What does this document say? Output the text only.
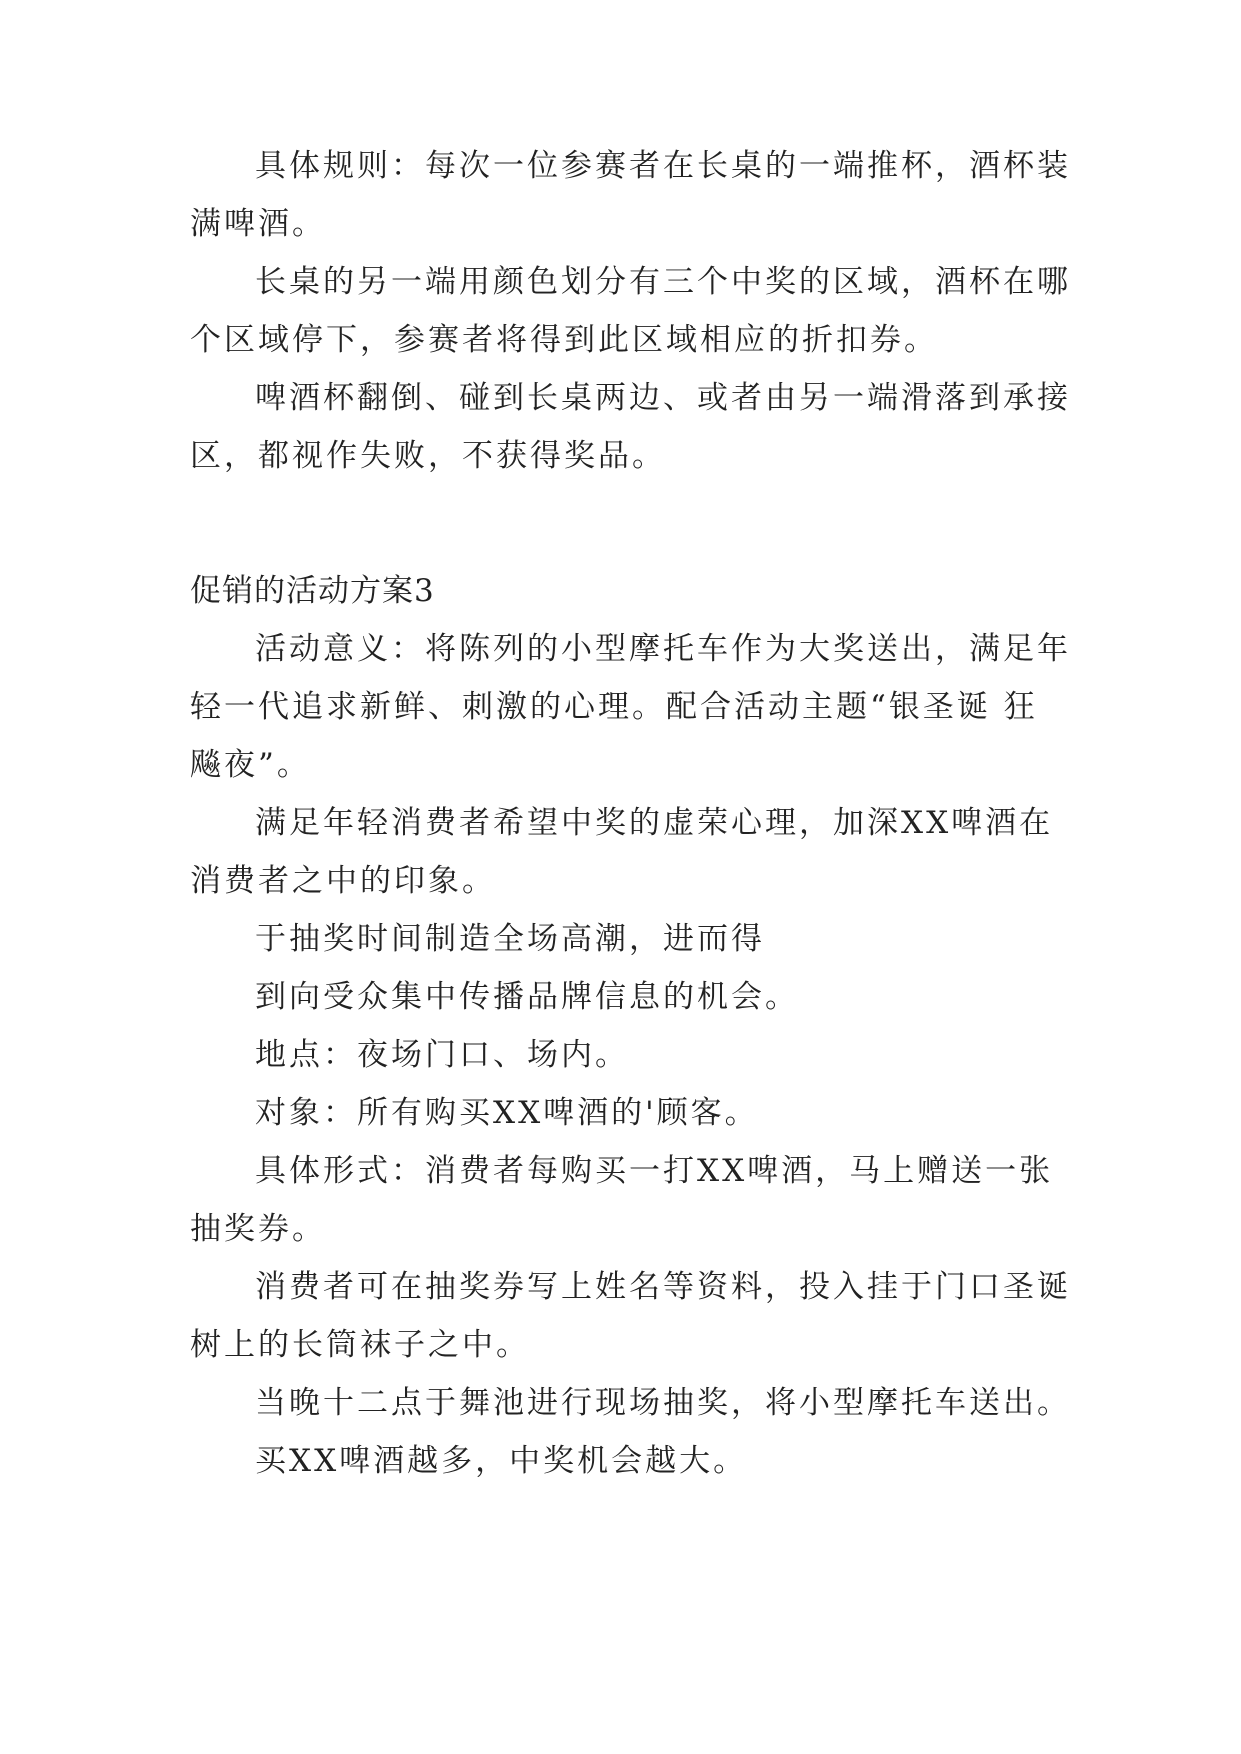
具体规则：每次一位参赛者在长桌的一端推杯，酒杯装
满啤酒。
长桌的另一端用颜色划分有三个中奖的区域，酒杯在哪
个区域停下，参赛者将得到此区域相应的折扣券。
啤酒杯翻倒、碰到长桌两边、或者由另一端滑落到承接
区，都视作失败，不获得奖品。
促销的活动方案3
活动意义：将陈列的小型摩托车作为大奖送出，满足年
轻一代追求新鲜、刺激的心理。配合活动主题“银圣诞 狂
飚夜”。
满足年轻消费者希望中奖的虚荣心理，加深XX啤酒在
消费者之中的印象。
于抽奖时间制造全场高潮，进而得
到向受众集中传播品牌信息的机会。
地点：夜场门口、场内。
对象：所有购买XX啤酒的'顾客。
具体形式：消费者每购买一打XX啤酒，马上赠送一张
抽奖券。
消费者可在抽奖券写上姓名等资料，投入挂于门口圣诞
树上的长筒袜子之中。
当晚十二点于舞池进行现场抽奖，将小型摩托车送出。
买XX啤酒越多，中奖机会越大。
